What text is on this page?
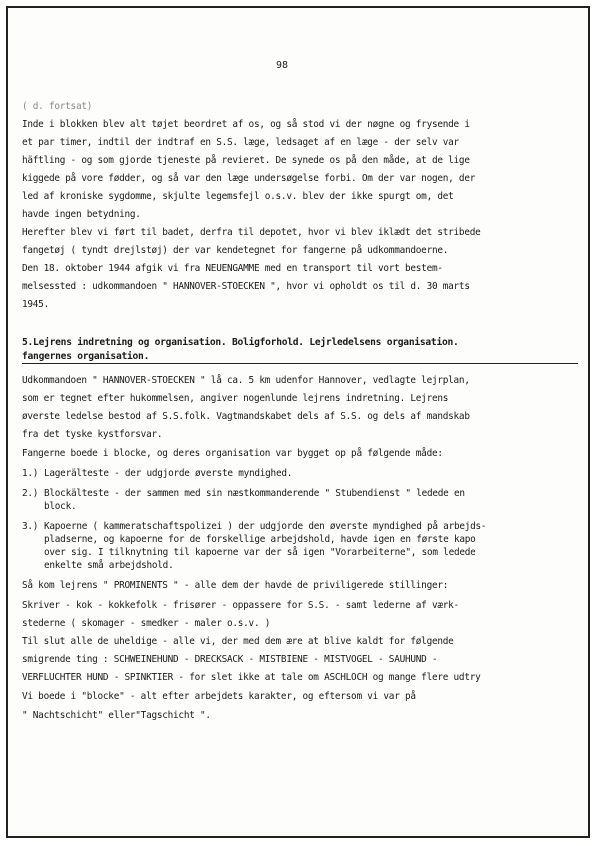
98
( d. fortsat)
Inde i blokken blev alt tøjet beordret af os, og så stod vi der nøgne og frysende i
et par timer, indtil der indtraf en S.S. læge, ledsaget af en læge - der selv var
häftling - og som gjorde tjeneste på revieret. De synede os på den måde, at de lige
kiggede på vore fødder, og så var den læge undersøgelse forbi. Om der var nogen, der
led af kroniske sygdomme, skjulte legemsfejl o.s.v. blev der ikke spurgt om, det
havde ingen betydning.
Herefter blev vi ført til badet, derfra til depotet, hvor vi blev iklædt det stribede
fangetøj ( tyndt drejlstøj) der var kendetegnet for fangerne på udkommandoerne.
Den 18. oktober 1944 afgik vi fra NEUENGAMME med en transport til vort bestem-
melsessted : udkommandoen " HANNOVER-STOECKEN ", hvor vi opholdt os til d. 30 marts
1945.
5.Lejrens indretning og organisation. Boligforhold. Lejrledelsens organisation.
fangernes organisation.
Udkommandoen " HANNOVER-STOECKEN " lå ca. 5 km udenfor Hannover, vedlagte lejrplan,
som er tegnet efter hukommelsen, angiver nogenlunde lejrens indretning. Lejrens
øverste ledelse bestod af S.S.folk. Vagtmandskabet dels af S.S. og dels af mandskab
fra det tyske kystforsvar.
Fangerne boede i blocke, og deres organisation var bygget op på følgende måde:
1.) Lagerälteste - der udgjorde øverste myndighed.
2.) Blockälteste - der sammen med sin næstkommanderende " Stubendienst " ledede en
block.
3.) Kapoerne ( kammeratschaftspolizei ) der udgjorde den øverste myndighed på arbejds-
pladserne, og kapoerne for de forskellige arbejdshold, havde igen en første kapo
over sig. I tilknytning til kapoerne var der så igen "Vorarbeiterne", som ledede
enkelte små arbejdshold.
Så kom lejrens " PROMINENTS " - alle dem der havde de priviligerede stillinger:
Skriver - kok - kokkefolk - frisører - oppassere for S.S. - samt lederne af værk-
stederne ( skomager - smedker - maler o.s.v. )
Til slut alle de uheldige - alle vi, der med dem ære at blive kaldt for følgende
smigrende ting : SCHWEINEHUND - DRECKSACK - MISTBIENE - MISTVOGEL - SAUHUND -
VERFLUCHTER HUND - SPINKTIER - for slet ikke at tale om ASCHLOCH og mange flere udtry
Vi boede i "blocke" - alt efter arbejdets karakter, og eftersom vi var på
" Nachtschicht" eller"Tagschicht ".
